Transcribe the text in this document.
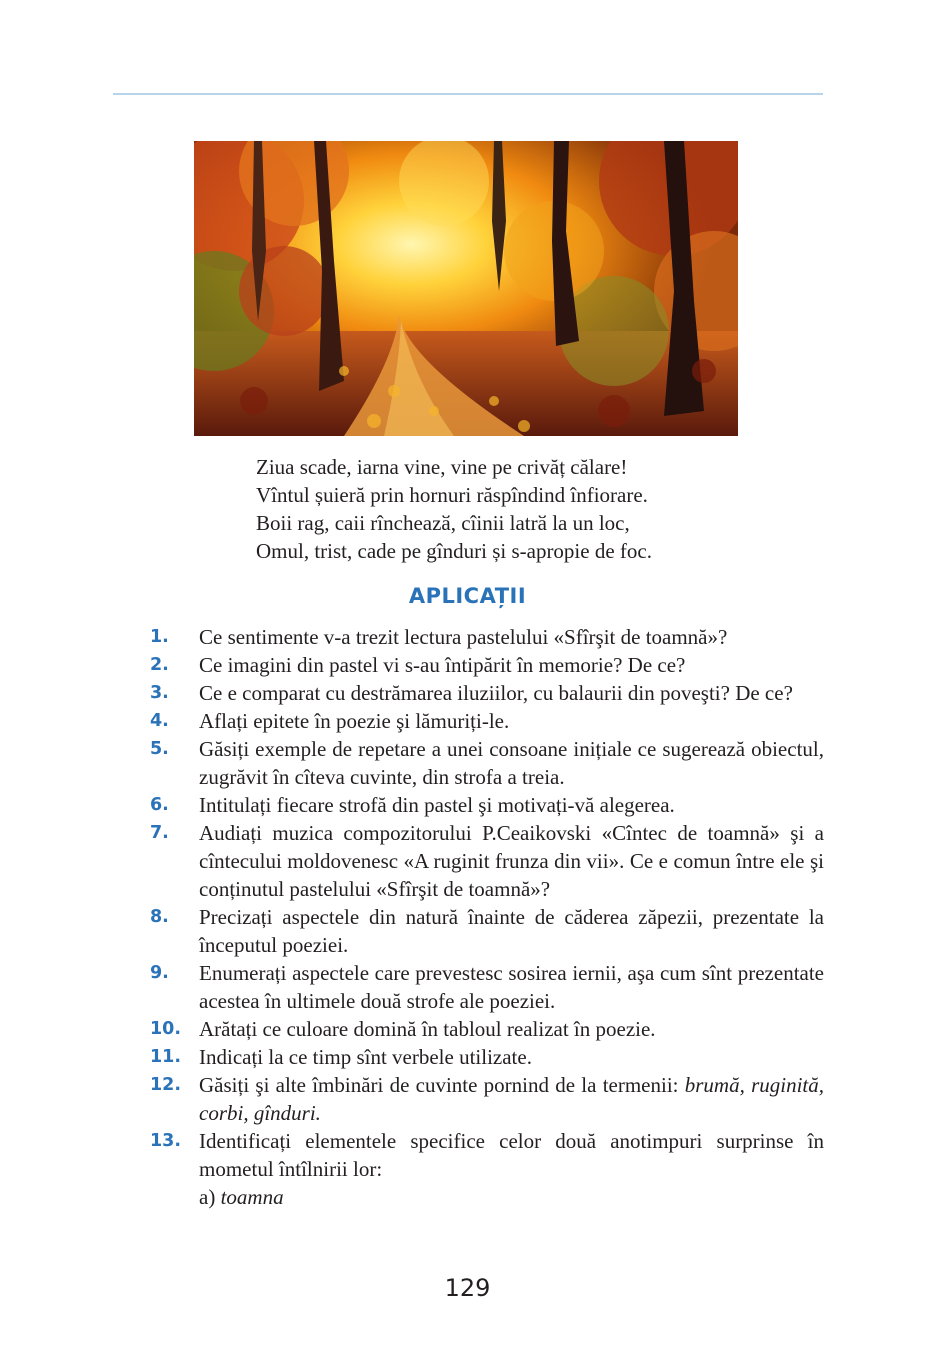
Ziua scade, iarna vine, vine pe crivăț călare!
Vîntul șuieră prin hornuri răspîndind înfiorare.
Boii rag, caii rîncheazӑ, cîinii latrӑ la un loc,
Omul, trist, cade pe gînduri și s-apropie de foc.
APLICAȚII
1.	Ce sentimente v-a trezit lectura pastelului «Sfîrşit de toamnă»?
2.	Ce imagini din pastel vi s-au întipărit în memorie? De ce?
3.	Ce e comparat cu destrămarea iluziilor, cu balaurii din poveşti? De ce?
4.	Aflați epitete în poezie şi lămuriți-le.
5.	Găsiți exemple de repetare a unei consoane inițiale ce sugerează obiectul, zugrăvit în cîteva cuvinte, din strofa a treia.
6.	Intitulați fiecare strofă din pastel şi motivați-vă alegerea.
7.	Audiați muzica compozitorului P.Ceaikovski «Cîntec de toamnă» şi a cîntecului moldovenesc «A ruginit frunza din vii». Ce e comun între ele şi conținutul pastelului «Sfîrşit de toamnă»?
8.	Precizați aspectele din natură înainte de căderea zăpezii, prezentate la începutul poeziei.
9.	Enumerați aspectele care prevestesc sosirea iernii, aşa cum sînt prezentate acestea în ultimele două strofe ale poeziei.
10. Arătați ce culoare domină în tabloul realizat în poezie.
11. Indicați la ce timp sînt verbele utilizate.
12. Găsiți şi alte îmbinări de cuvinte pornind de la termenii: brumă, ruginită, corbi, gînduri.
13. Identificați elementele specifice celor două anotimpuri surprinse în mometul întîlnirii lor:
a) toamna
129
